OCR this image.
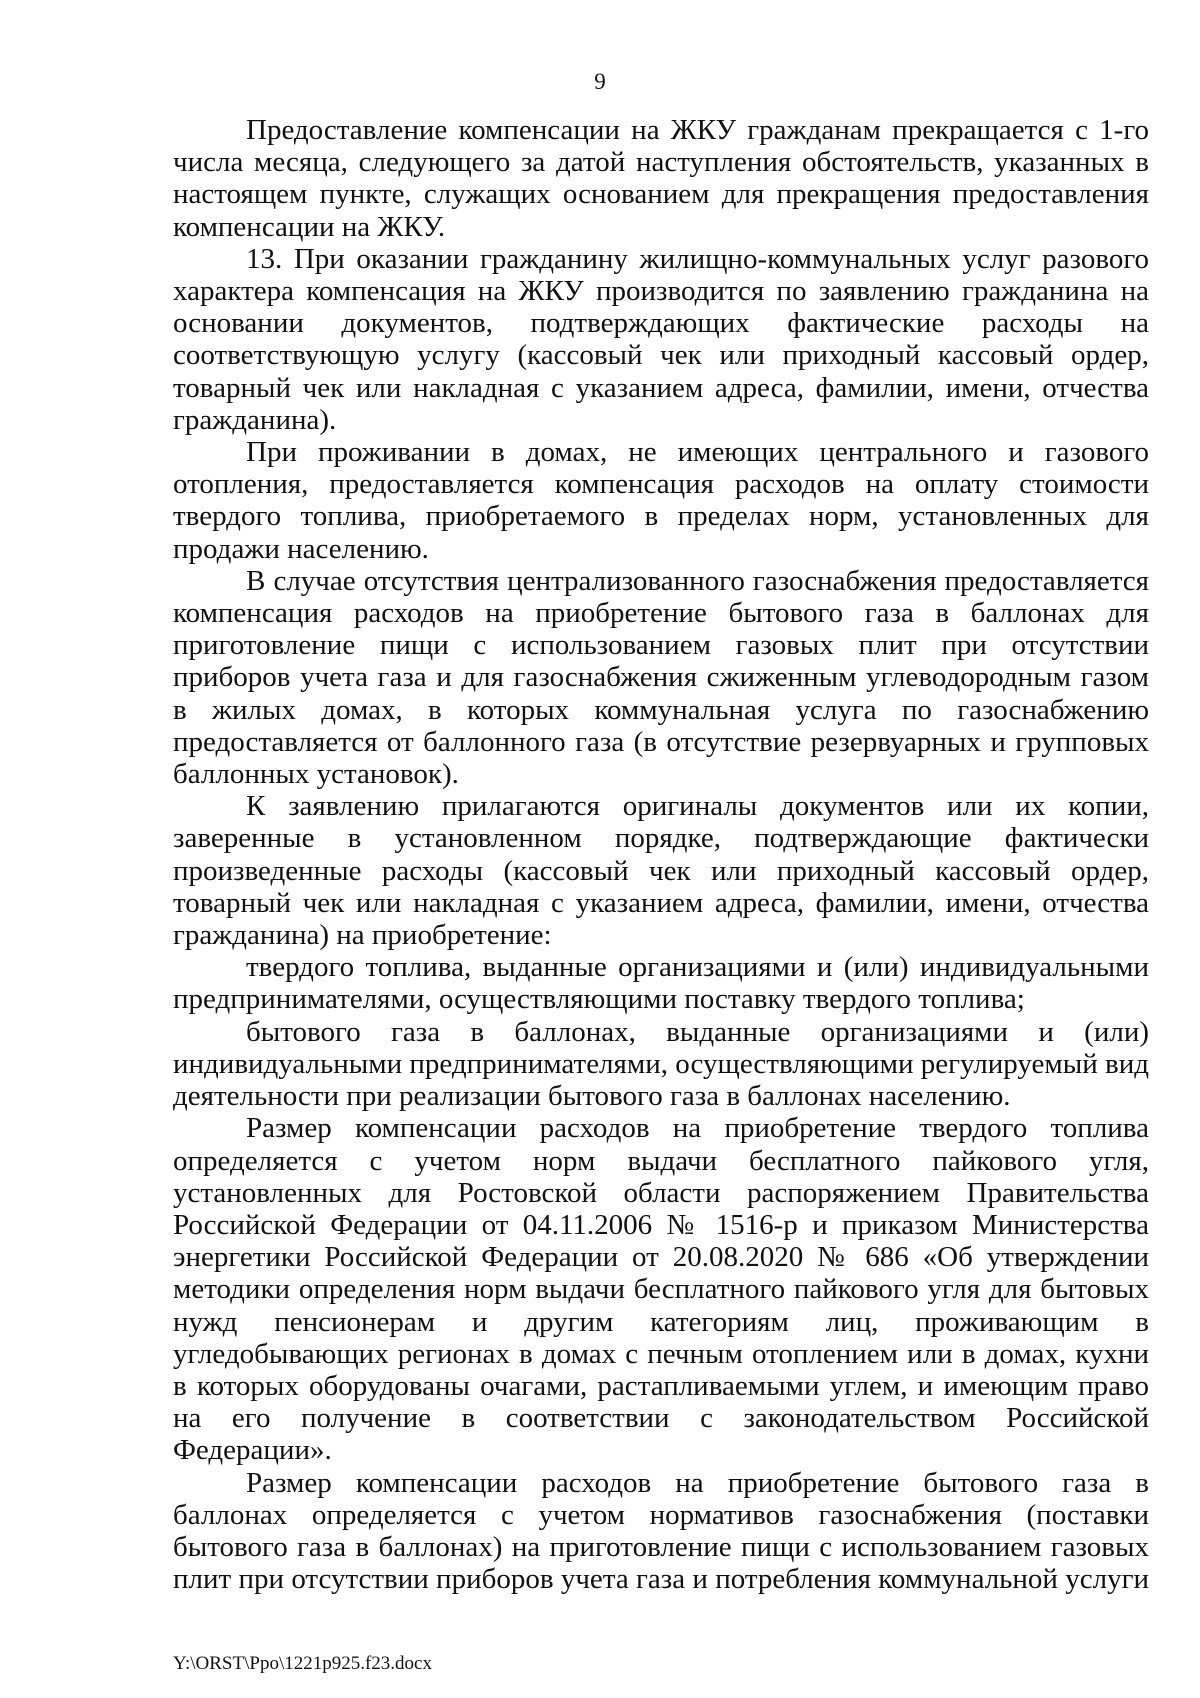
9

Предоставление компенсации на ЖКУ гражданам прекращается с 1-го числа месяца, следующего за датой наступления обстоятельств, указанных в настоящем пункте, служащих основанием для прекращения предоставления компенсации на ЖКУ.

13. При оказании гражданину жилищно-коммунальных услуг разового характера компенсация на ЖКУ производится по заявлению гражданина на основании документов, подтверждающих фактические расходы на соответствующую услугу (кассовый чек или приходный кассовый ордер, товарный чек или накладная с указанием адреса, фамилии, имени, отчества гражданина).

При проживании в домах, не имеющих центрального и газового отопления, предоставляется компенсация расходов на оплату стоимости твердого топлива, приобретаемого в пределах норм, установленных для продажи населению.

В случае отсутствия централизованного газоснабжения предоставляется компенсация расходов на приобретение бытового газа в баллонах для приготовление пищи с использованием газовых плит при отсутствии приборов учета газа и для газоснабжения сжиженным углеводородным газом в жилых домах, в которых коммунальная услуга по газоснабжению предоставляется от баллонного газа (в отсутствие резервуарных и групповых баллонных установок).

К заявлению прилагаются оригиналы документов или их копии, заверенные в установленном порядке, подтверждающие фактически произведенные расходы (кассовый чек или приходный кассовый ордер, товарный чек или накладная с указанием адреса, фамилии, имени, отчества гражданина) на приобретение:

твердого топлива, выданные организациями и (или) индивидуальными предпринимателями, осуществляющими поставку твердого топлива;

бытового газа в баллонах, выданные организациями и (или) индивидуальными предпринимателями, осуществляющими регулируемый вид деятельности при реализации бытового газа в баллонах населению.

Размер компенсации расходов на приобретение твердого топлива определяется с учетом норм выдачи бесплатного пайкового угля, установленных для Ростовской области распоряжением Правительства Российской Федерации от 04.11.2006 № 1516-р и приказом Министерства энергетики Российской Федерации от 20.08.2020 № 686 «Об утверждении методики определения норм выдачи бесплатного пайкового угля для бытовых нужд пенсионерам и другим категориям лиц, проживающим в угледобывающих регионах в домах с печным отоплением или в домах, кухни в которых оборудованы очагами, растапливаемыми углем, и имеющим право на его получение в соответствии с законодательством Российской Федерации».

Размер компенсации расходов на приобретение бытового газа в баллонах определяется с учетом нормативов газоснабжения (поставки бытового газа в баллонах) на приготовление пищи с использованием газовых плит при отсутствии приборов учета газа и потребления коммунальной услуги

Y:\ORST\Ppo\1221p925.f23.docx
